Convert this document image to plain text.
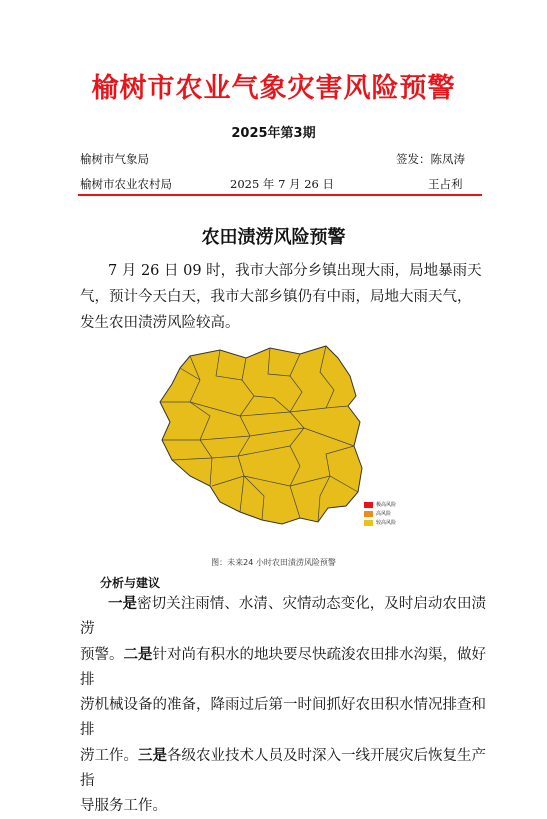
榆树市农业气象灾害风险预警
2025年第3期
榆树市气象局	签发：陈凤涛
榆树市农业农村局	2025 年 7 月 26 日	王占利
农田渍涝风险预警
7 月 26 日 09 时，我市大部分乡镇出现大雨，局地暴雨天
气，预计今天白天，我市大部乡镇仍有中雨，局地大雨天气，
发生农田渍涝风险较高。
极高风险
高风险
较高风险
图：未来24 小时农田渍涝风险预警
分析与建议
一是密切关注雨情、水清、灾情动态变化，及时启动农田渍涝
预警。二是针对尚有积水的地块要尽快疏浚农田排水沟渠，做好排
涝机械设备的准备，降雨过后第一时间抓好农田积水情况排查和排
涝工作。三是各级农业技术人员及时深入一线开展灾后恢复生产指
导服务工作。
